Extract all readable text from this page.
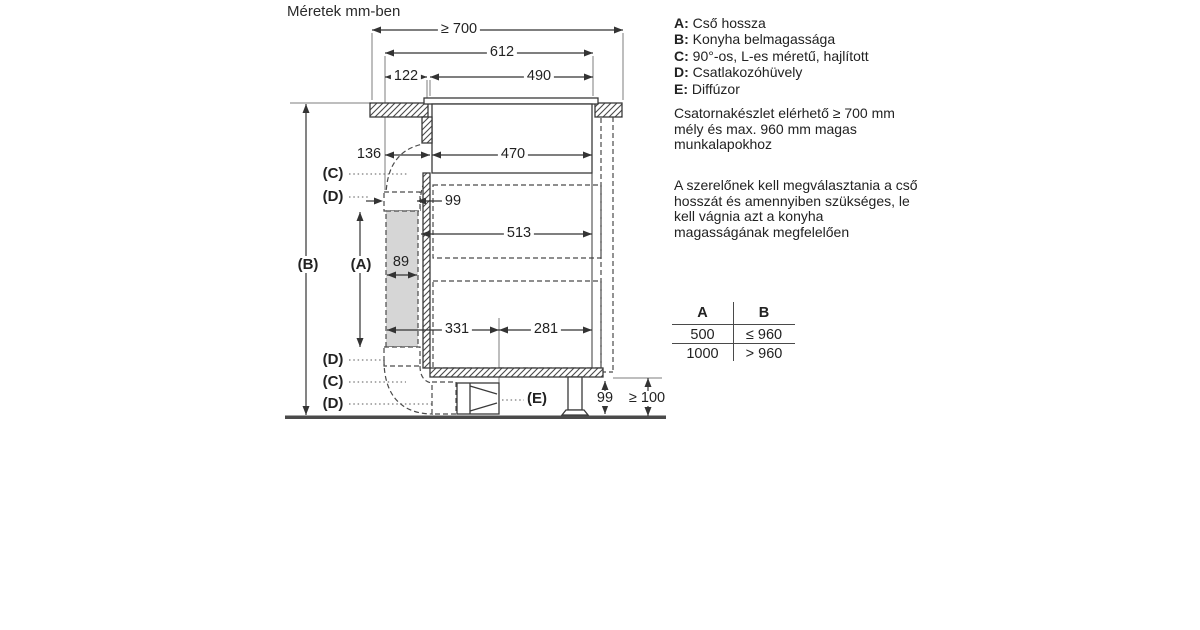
Méretek mm-ben
≥ 700
612
122	490
136	470
99
513
89
331	281
99 ≥ 100
(C)
(D)
(B) (A)
(D)
(C)
(D)	(E)
A: Cső hossza
B: Konyha belmagassága
C: 90°-os, L-es méretű, hajlított
D: Csatlakozóhüvely
E: Diffúzor
Csatornakészlet elérhető ≥ 700 mm mély és max. 960 mm magas munkalapokhoz
A szerelőnek kell megválasztania a cső hosszát és amennyiben szükséges, le kell vágnia azt a konyha magasságának megfelelően
A	B
500	≤ 960
1000	> 960
